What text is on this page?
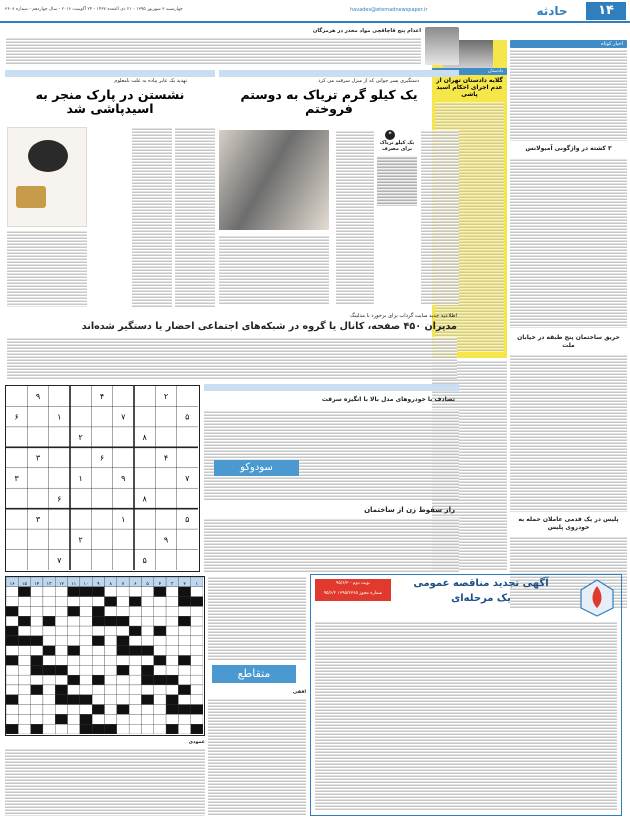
۱۴
حادثه
havades@etemadnewspaper.ir
چهارشنبه ۳ شهریور ۱۳۹۵ - ۲۱ ذی القعده ۱۴۳۷ - ۲۴ آگوست ۲۰۱۶ - سال چهاردهم - شماره ۳۶۰۸
اخبار کوتاه
۳ کشته در واژگونی آمبولانس
حریق ساختمان پنج طبقه در خیابان ملت
پلیس در یک قدمی عاملان حمله به خودروی پلیس
دادستان
گلایه دادستان تهران از عدم اجرای احکام اسید پاشی
اعدام پنج قاچاقچی مواد مخدر در هرمزگان
دستگیری پسر جوانی که از منزل سرقت می کرد
یک کیلو گرم تریاک به دوستم فروختم
❝
یک کیلو تریاک برای مصرف
تهدید یک عابر پیاده به علت نامعلوم
نشستن در پارک منجر به اسیدپاشی شد
اطلاعیه جدید سایت گرداب برای برخورد با مدلینگ
مدیران ۴۵۰ صفحه، کانال یا گروه در شبکه‌های اجتماعی احضار یا دستگیر شده‌اند
تصادف با خودروهای مدل بالا با انگیزه سرقت
راز سقوط زن از ساختمان
سودوکو
۲
۴
۹
۵
۷
۱
۶
۸
۲
۴
۶
۳
۷
۹
۱
۳
۸
۶
۵
۱
۳
۹
۲
۵
۷
۱۶ ۱۵ ۱۴ ۱۳ ۱۲ ۱۱ ۱۰ ۹ ۸ ۷ ۶ ۵ ۴ ۳ ۲ ۱
متقاطع
افقی
عمودی
آگهی تجدید مناقصه عمومی
یک مرحله‌ای
نوبت دوم - ۹۵/۶/۳
شماره مجوز ۱۳۹۵/۲۳۶۵ ۹۵/۶/۲
